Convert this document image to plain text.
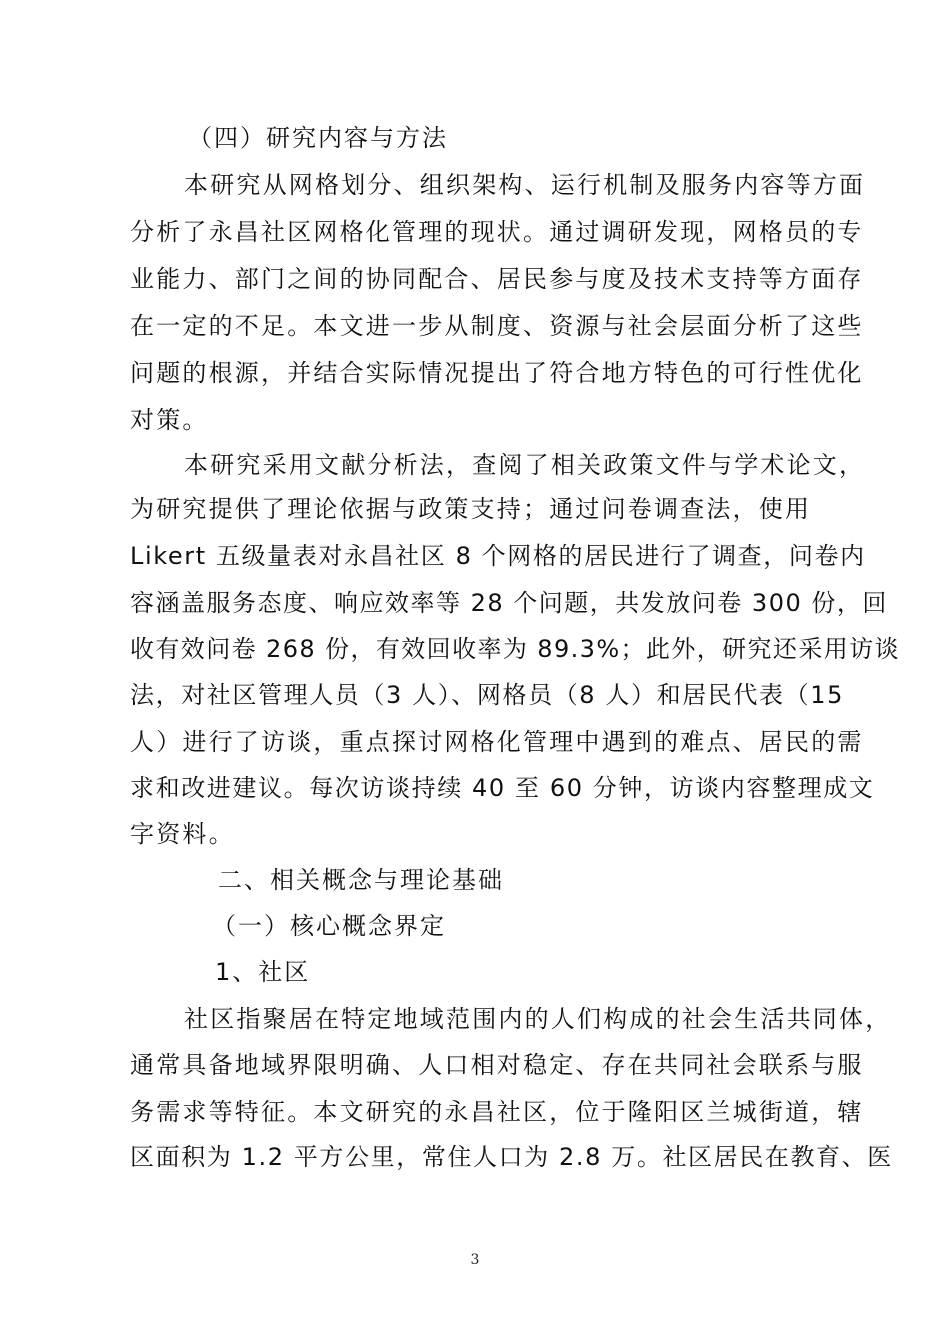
（四）研究内容与方法
本研究从网格划分、组织架构、运行机制及服务内容等方面
分析了永昌社区网格化管理的现状。通过调研发现，网格员的专
业能力、部门之间的协同配合、居民参与度及技术支持等方面存
在一定的不足。本文进一步从制度、资源与社会层面分析了这些
问题的根源，并结合实际情况提出了符合地方特色的可行性优化
对策。
本研究采用文献分析法，查阅了相关政策文件与学术论文，
为研究提供了理论依据与政策支持；通过问卷调查法，使用
Likert 五级量表对永昌社区 8 个网格的居民进行了调查，问卷内
容涵盖服务态度、响应效率等 28 个问题，共发放问卷 300 份，回
收有效问卷 268 份，有效回收率为 89.3%；此外，研究还采用访谈
法，对社区管理人员（3 人）、网格员（8 人）和居民代表（15
人）进行了访谈，重点探讨网格化管理中遇到的难点、居民的需
求和改进建议。每次访谈持续 40 至 60 分钟，访谈内容整理成文
字资料。
二、相关概念与理论基础
（一）核心概念界定
1、社区
社区指聚居在特定地域范围内的人们构成的社会生活共同体，
通常具备地域界限明确、人口相对稳定、存在共同社会联系与服
务需求等特征。本文研究的永昌社区，位于隆阳区兰城街道，辖
区面积为 1.2 平方公里，常住人口为 2.8 万。社区居民在教育、医
3
